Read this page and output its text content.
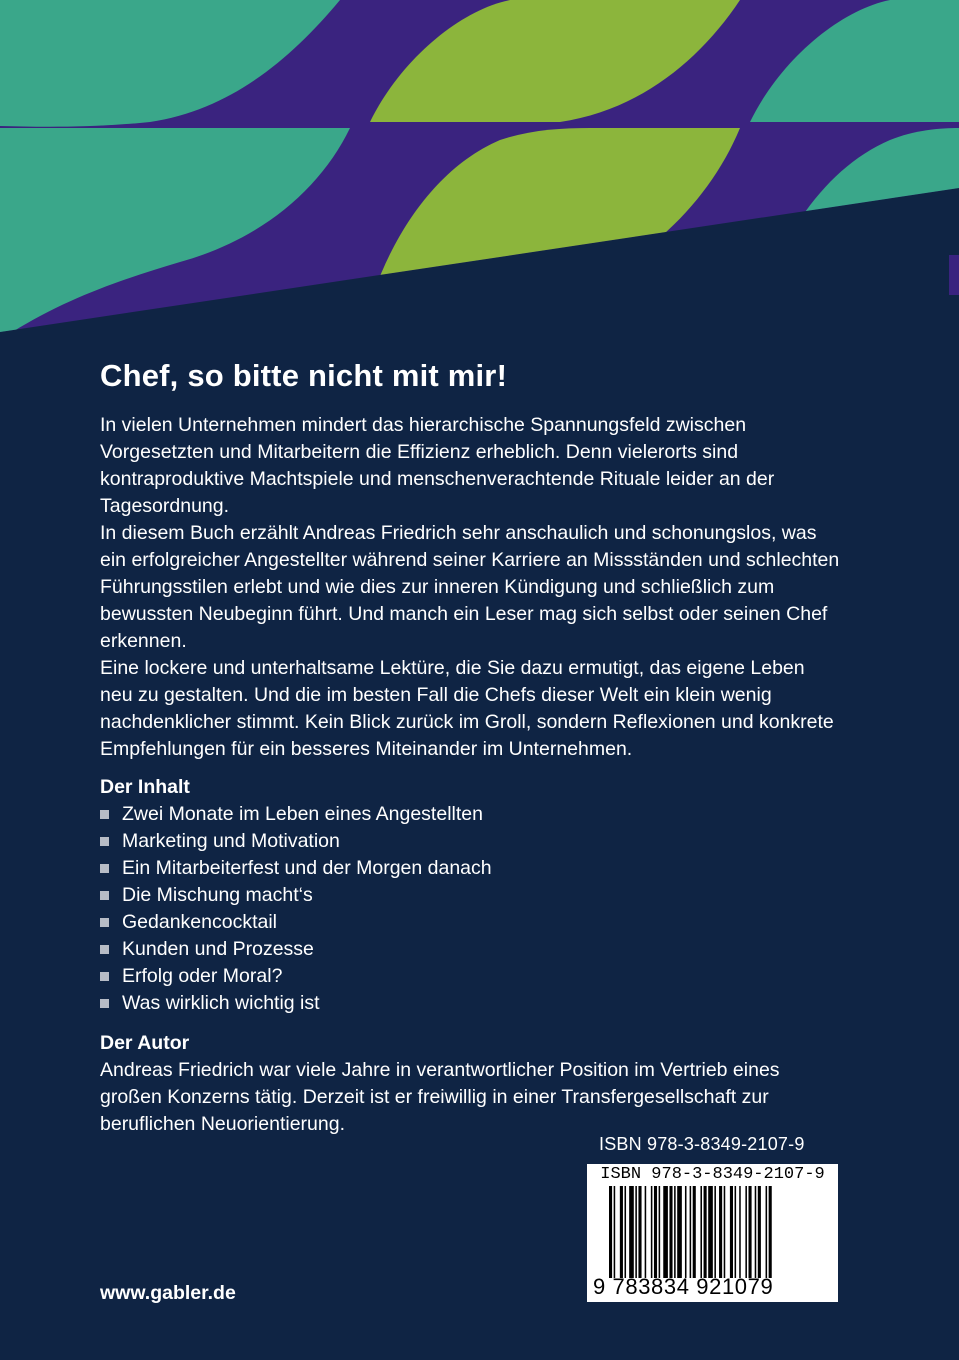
Chef, so bitte nicht mit mir!

In vielen Unternehmen mindert das hierarchische Spannungsfeld zwischen Vorgesetzten und Mitarbeitern die Effizienz erheblich. Denn vielerorts sind kontraproduktive Machtspiele und menschenverachtende Rituale leider an der Tagesordnung.

In diesem Buch erzählt Andreas Friedrich sehr anschaulich und schonungslos, was ein erfolgreicher Angestellter während seiner Karriere an Missständen und schlechten Führungsstilen erlebt und wie dies zur inneren Kündigung und schließlich zum bewussten Neubeginn führt. Und manch ein Leser mag sich selbst oder seinen Chef erkennen.

Eine lockere und unterhaltsame Lektüre, die Sie dazu ermutigt, das eigene Leben neu zu gestalten. Und die im besten Fall die Chefs dieser Welt ein klein wenig nachdenklicher stimmt. Kein Blick zurück im Groll, sondern Reflexionen und konkrete Empfehlungen für ein besseres Miteinander im Unternehmen.

Der Inhalt
Zwei Monate im Leben eines Angestellten
Marketing und Motivation
Ein Mitarbeiterfest und der Morgen danach
Die Mischung macht‘s
Gedankencocktail
Kunden und Prozesse
Erfolg oder Moral?
Was wirklich wichtig ist
Der Autor

Andreas Friedrich war viele Jahre in verantwortlicher Position im Vertrieb eines großen Konzerns tätig. Derzeit ist er freiwillig in einer Transfergesellschaft zur beruflichen Neuorientierung.

ISBN 978-3-8349-2107-9
ISBN 978-3-8349-2107-9
9 783834 921079
www.gabler.de
